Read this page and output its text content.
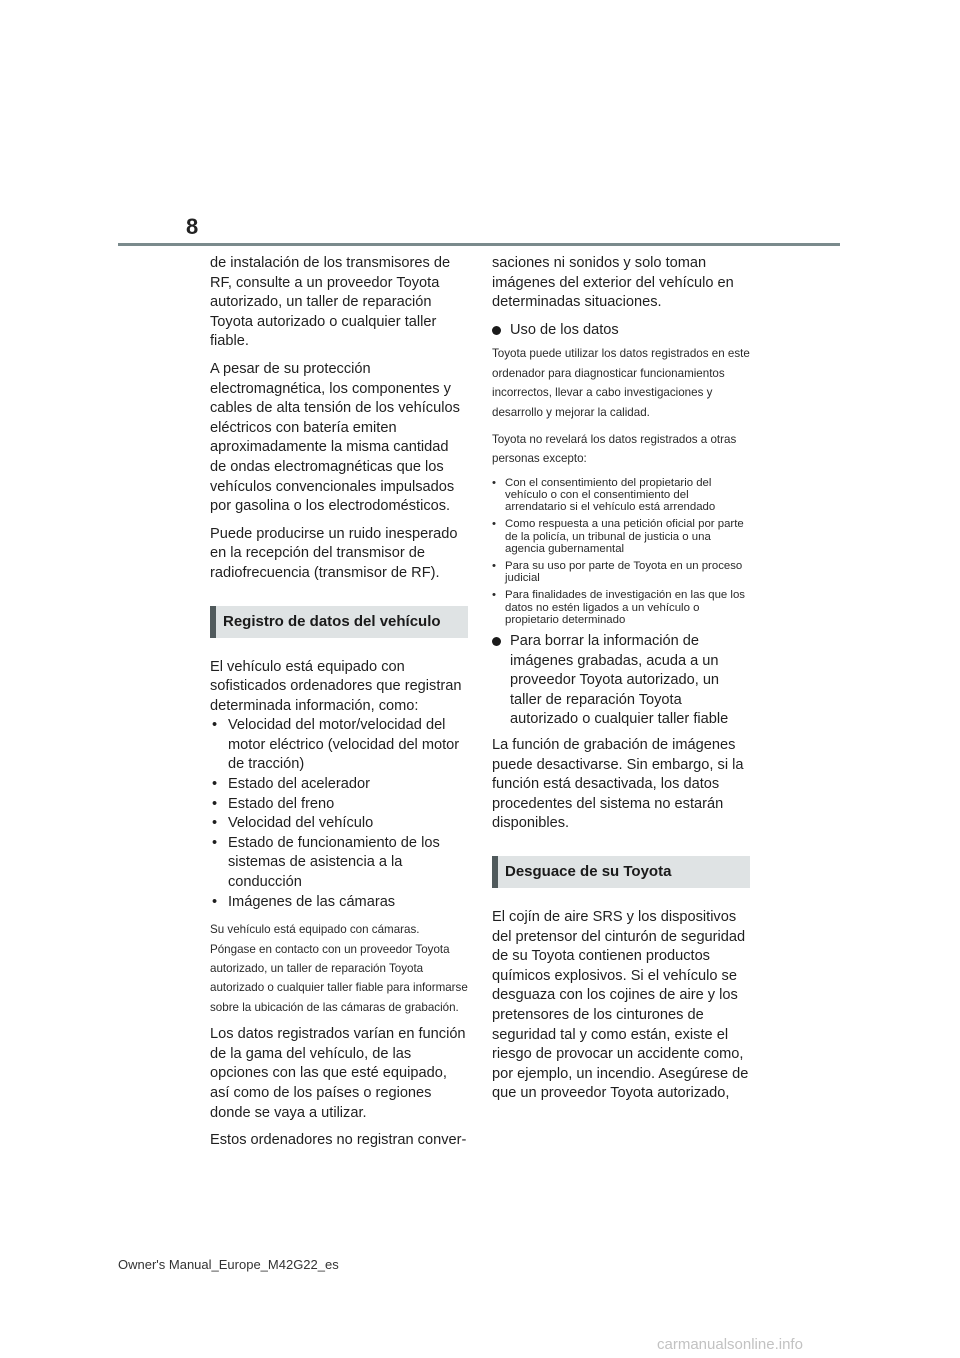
8

de instalación de los transmisores de RF, consulte a un proveedor Toyota autorizado, un taller de reparación Toyota autorizado o cualquier taller fiable.

A pesar de su protección electromagnética, los componentes y cables de alta tensión de los vehículos eléctricos con batería emiten aproximadamente la misma cantidad de ondas electromagnéticas que los vehículos convencionales impulsados por gasolina o los electrodomésticos.

Puede producirse un ruido inesperado en la recepción del transmisor de radiofrecuencia (transmisor de RF).

Registro de datos del vehículo

El vehículo está equipado con sofisticados ordenadores que registran determinada información, como:

• Velocidad del motor/velocidad del motor eléctrico (velocidad del motor de tracción)
• Estado del acelerador
• Estado del freno
• Velocidad del vehículo
• Estado de funcionamiento de los sistemas de asistencia a la conducción
• Imágenes de las cámaras

Su vehículo está equipado con cámaras. Póngase en contacto con un proveedor Toyota autorizado, un taller de reparación Toyota autorizado o cualquier taller fiable para informarse sobre la ubicación de las cámaras de grabación.

Los datos registrados varían en función de la gama del vehículo, de las opciones con las que esté equipado, así como de los países o regiones donde se vaya a utilizar.

Estos ordenadores no registran conver-

saciones ni sonidos y solo toman imágenes del exterior del vehículo en determinadas situaciones.

Uso de los datos

Toyota puede utilizar los datos registrados en este ordenador para diagnosticar funcionamientos incorrectos, llevar a cabo investigaciones y desarrollo y mejorar la calidad.

Toyota no revelará los datos registrados a otras personas excepto:

• Con el consentimiento del propietario del vehículo o con el consentimiento del arrendatario si el vehículo está arrendado
• Como respuesta a una petición oficial por parte de la policía, un tribunal de justicia o una agencia gubernamental
• Para su uso por parte de Toyota en un proceso judicial
• Para finalidades de investigación en las que los datos no estén ligados a un vehículo o propietario determinado
Para borrar la información de imágenes grabadas, acuda a un proveedor Toyota autorizado, un taller de reparación Toyota autorizado o cualquier taller fiable

La función de grabación de imágenes puede desactivarse. Sin embargo, si la función está desactivada, los datos procedentes del sistema no estarán disponibles.

Desguace de su Toyota

El cojín de aire SRS y los dispositivos del pretensor del cinturón de seguridad de su Toyota contienen productos químicos explosivos. Si el vehículo se desguaza con los cojines de aire y los pretensores de los cinturones de seguridad tal y como están, existe el riesgo de provocar un accidente como, por ejemplo, un incendio. Asegúrese de que un proveedor Toyota autorizado,

Owner's Manual_Europe_M42G22_es
carmanualsonline.info
